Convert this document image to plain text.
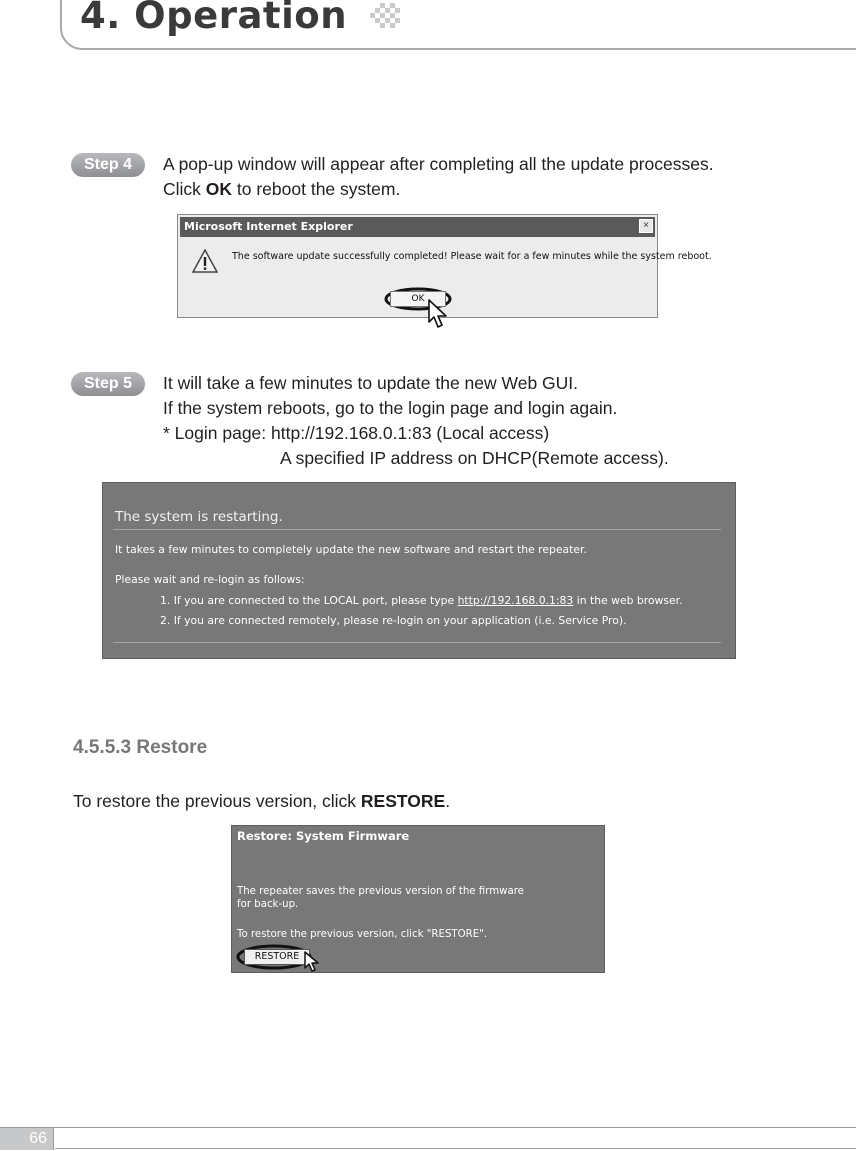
4. Operation
Step 4	A pop-up window will appear after completing all the update processes.

Click OK to reboot the system.

Microsoft Internet Explorer	×
The software update successfully completed! Please wait for a few minutes while the system reboot.
OK
Step 5	It will take a few minutes to update the new Web GUI.

If the system reboots, go to the login page and login again.

* Login page: http://192.168.0.1:83 (Local access)

A specified IP address on DHCP(Remote access).

The system is restarting.
It takes a few minutes to completely update the new software and restart the repeater.
Please wait and re-login as follows:
1. If you are connected to the LOCAL port, please type http://192.168.0.1:83 in the web browser.
2. If you are connected remotely, please re-login on your application (i.e. Service Pro).
4.5.5.3 Restore

To restore the previous version, click RESTORE.

Restore: System Firmware
The repeater saves the previous version of the firmware
for back-up.
To restore the previous version, click "RESTORE".
RESTORE
66
